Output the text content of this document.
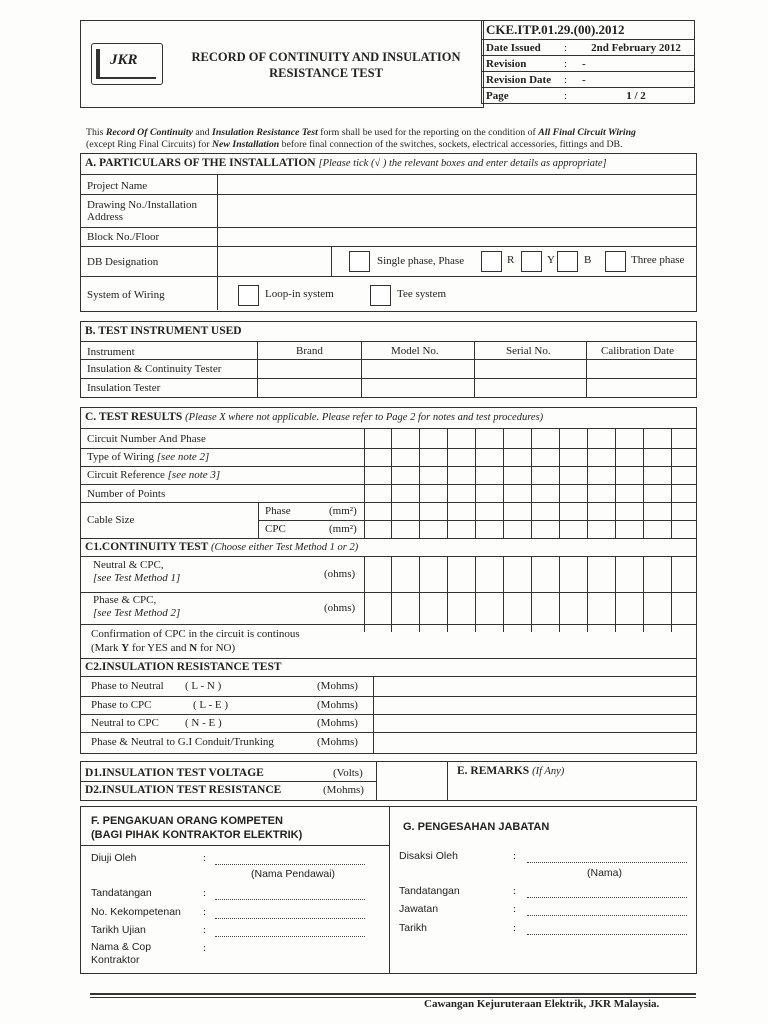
JKR	RECORD OF CONTINUITY AND INSULATION
RESISTANCE TEST
CKE.ITP.01.29.(00).2012		
Date Issued	:	2nd February 2012
Revision	:	-
Revision Date	:	-
Page	:	1 / 2
This Record Of Continuity and Insulation Resistance Test form shall be used for the reporting on the condition of All Final Circuit Wiring
(except Ring Final Circuits) for New Installation before final connection of the switches, sockets, electrical accessories, fittings and DB.
A. PARTICULARS OF THE INSTALLATION [Please tick (√ ) the relevant boxes and enter details as appropriate]
Project Name
Drawing No./Installation Address
Block No./Floor
DB Designation	Single phase, Phase	R	Y	B	Three phase
System of Wiring	Loop-in system	Tee system
B. TEST INSTRUMENT USED
Instrument	Brand	Model No.	Serial No.	Calibration Date
Insulation & Continuity Tester
Insulation Tester
C. TEST RESULTS (Please X where not applicable. Please refer to Page 2 for notes and test procedures)
Circuit Number And Phase
Type of Wiring [see note 2]
Circuit Reference [see note 3]
Number of Points
Cable Size
Phase	(mm²)
CPC	(mm²)
C1.CONTINUITY TEST (Choose either Test Method 1 or 2)
Neutral & CPC,
[see Test Method 1]	(ohms)
Phase & CPC,
[see Test Method 2]	(ohms)
Confirmation of CPC in the circuit is continous
(Mark Y for YES and N for NO)
C2.INSULATION RESISTANCE TEST
Phase to Neutral ( L - N )	(Mohms)
Phase to CPC	( L - E )	(Mohms)
Neutral to CPC ( N - E )	(Mohms)
Phase & Neutral to G.I Conduit/Trunking	(Mohms)
D1.INSULATION TEST VOLTAGE	(Volts)
D2.INSULATION TEST RESISTANCE	(Mohms)
E. REMARKS (If Any)
F. PENGAKUAN ORANG KOMPETEN
(BAGI PIHAK KONTRAKTOR ELEKTRIK)
Diuji Oleh	:
(Nama Pendawai)
Tandatangan	:
No. Kekompetenan :
Tarikh Ujian	:
Nama & Cop
Kontraktor
:
G. PENGESAHAN JABATAN
Disaksi Oleh	:
(Nama)
Tandatangan	:
Jawatan	:
Tarikh	:
Cawangan Kejuruteraan Elektrik, JKR Malaysia.
